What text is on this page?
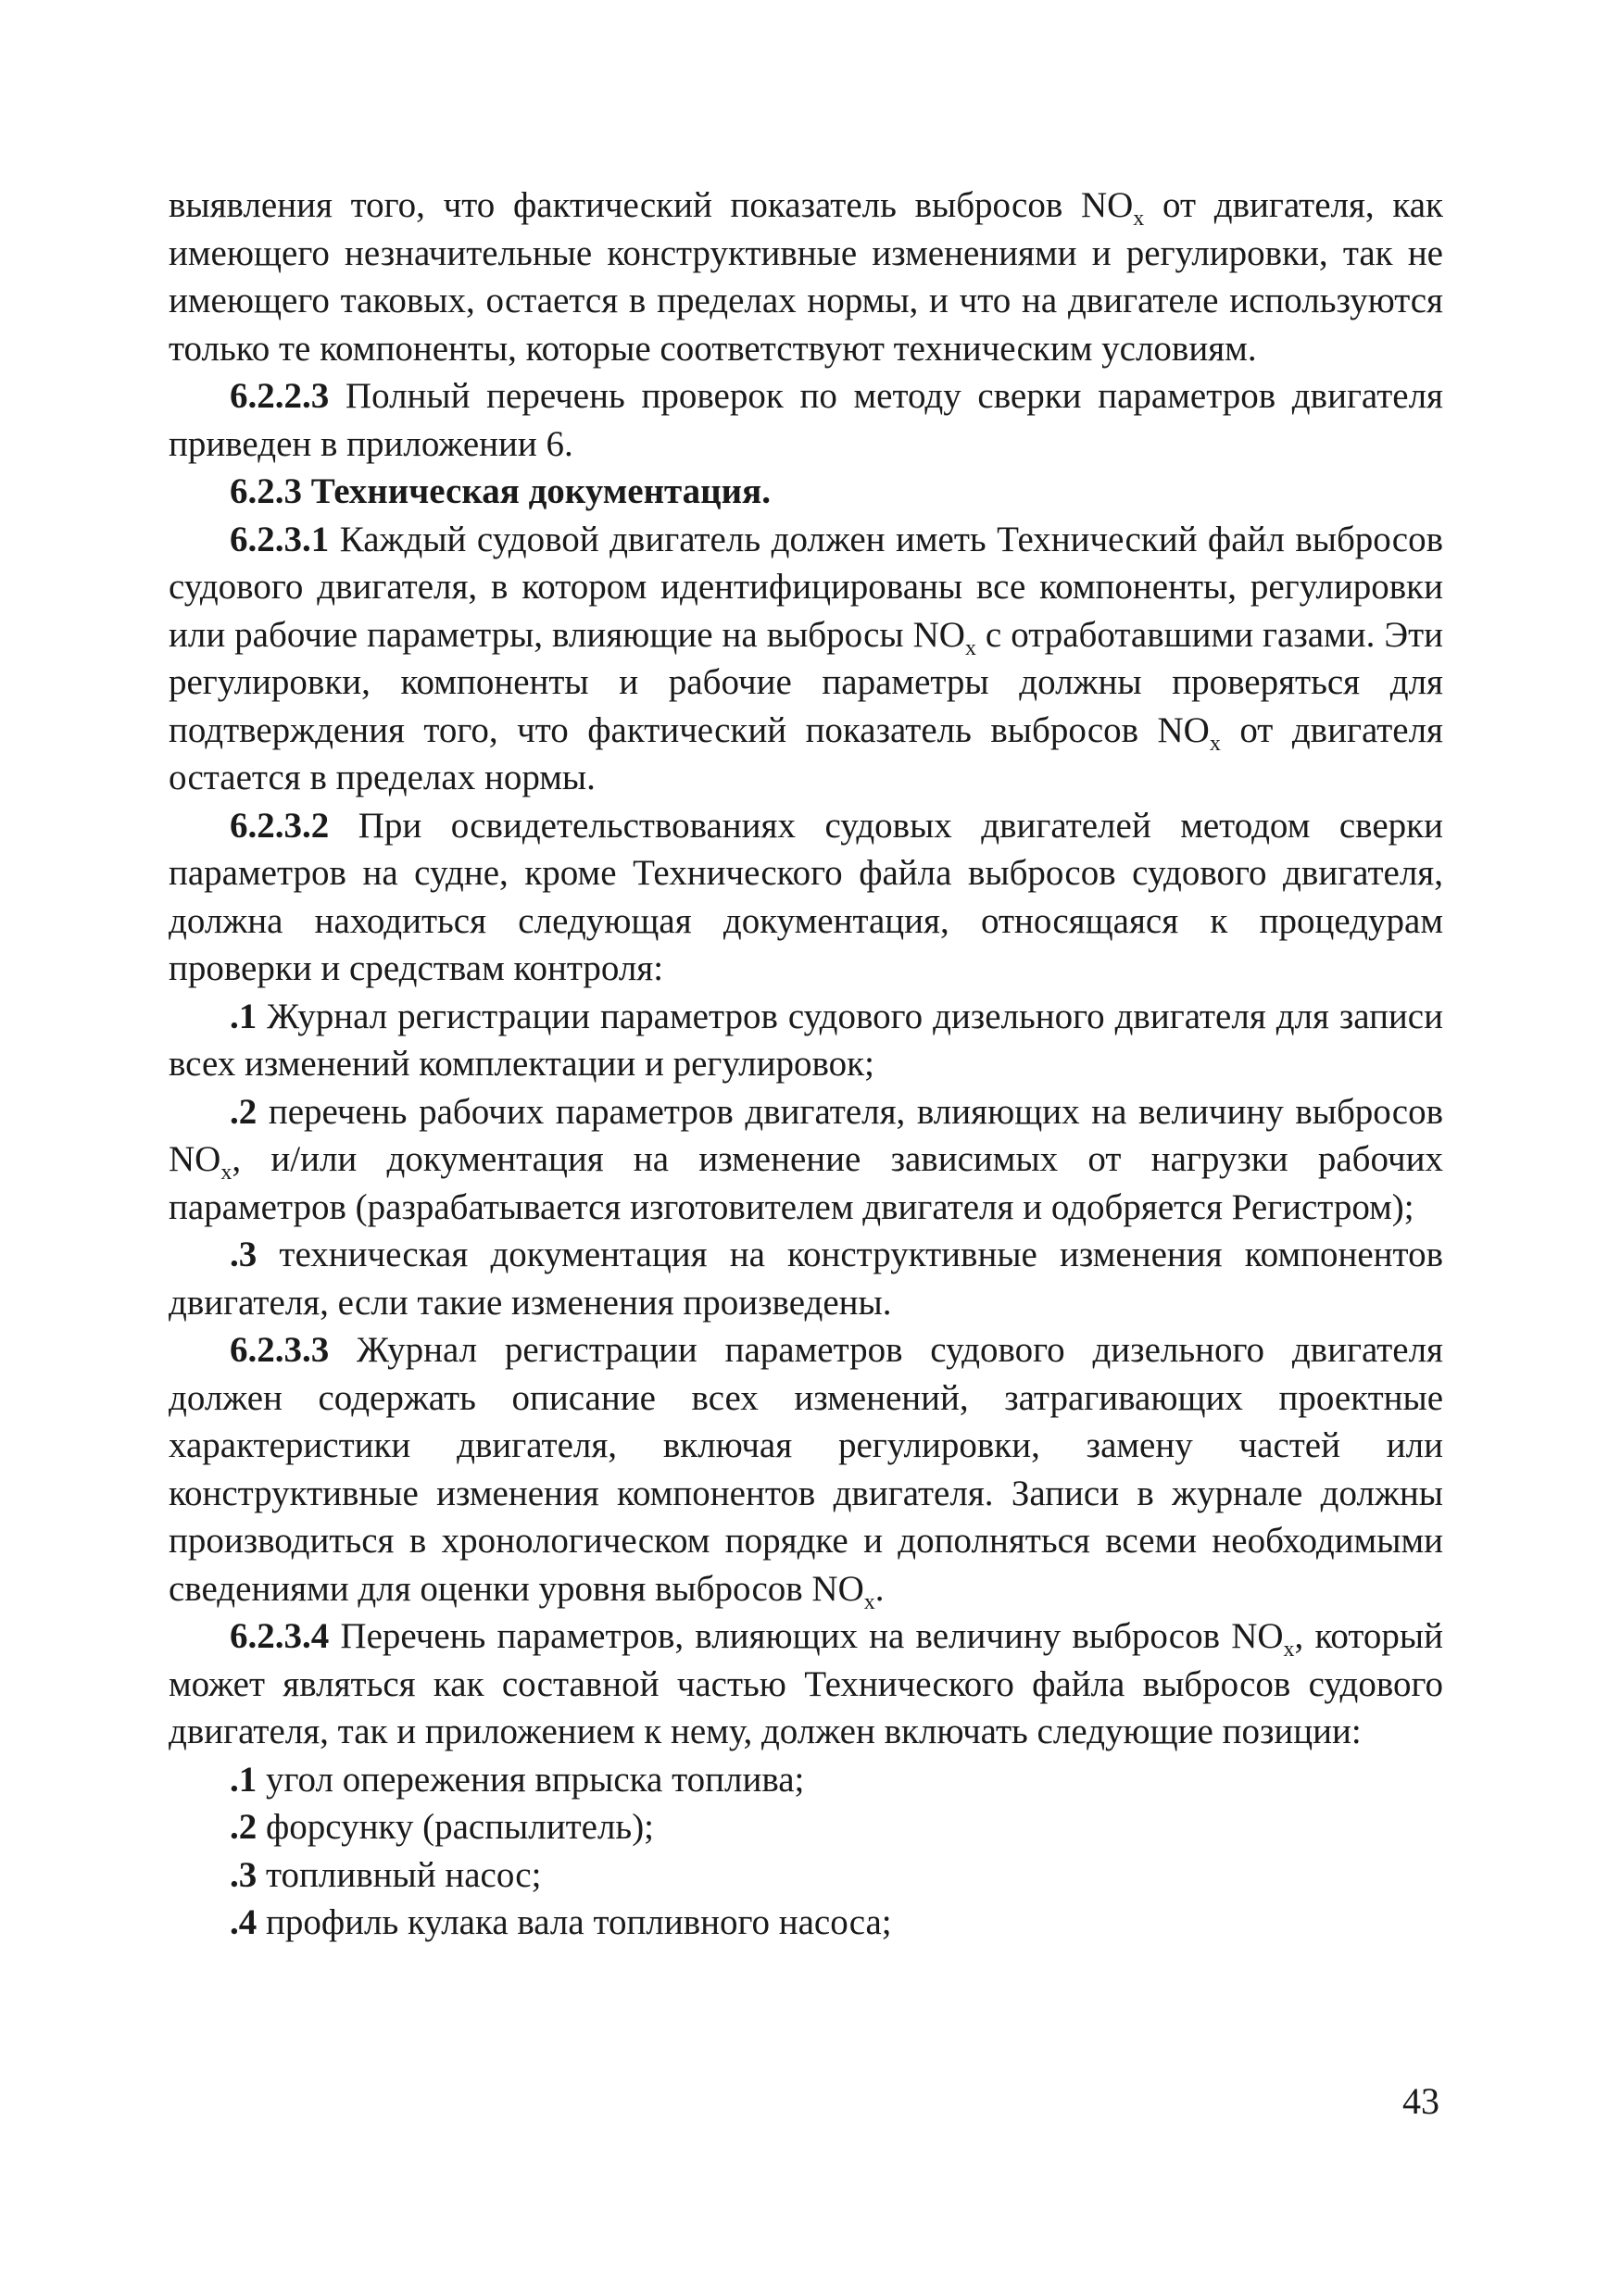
выявления того, что фактический показатель выбросов $NO_x$ от двигателя, как имеющего незначительные конструктивные изменениями и регулировки, так не имеющего таковых, остается в пределах нормы, и что на двигателе используются только те компоненты, которые соответствуют техническим условиям.

6.2.2.3 Полный перечень проверок по методу сверки параметров двигателя приведен в приложении 6.

6.2.3 Техническая документация.

6.2.3.1 Каждый судовой двигатель должен иметь Технический файл выбросов судового двигателя, в котором идентифицированы все компоненты, регулировки или рабочие параметры, влияющие на выбросы $NO_x$ с отработавшими газами. Эти регулировки, компоненты и рабочие параметры должны проверяться для подтверждения того, что фактический показатель выбросов $NO_x$ от двигателя остается в пределах нормы.

6.2.3.2 При освидетельствованиях судовых двигателей методом сверки параметров на судне, кроме Технического файла выбросов судового двигателя, должна находиться следующая документация, относящаяся к процедурам проверки и средствам контроля:

.1 Журнал регистрации параметров судового дизельного двигателя для записи всех изменений комплектации и регулировок;

.2 перечень рабочих параметров двигателя, влияющих на величину выбросов $NO_x$, и/или документация на изменение зависимых от нагрузки рабочих параметров (разрабатывается изготовителем двигателя и одобряется Регистром);

.3 техническая документация на конструктивные изменения компонентов двигателя, если такие изменения произведены.

6.2.3.3 Журнал регистрации параметров судового дизельного двигателя должен содержать описание всех изменений, затрагивающих проектные характеристики двигателя, включая регулировки, замену частей или конструктивные изменения компонентов двигателя. Записи в журнале должны производиться в хронологическом порядке и дополняться всеми необходимыми сведениями для оценки уровня выбросов $NO_x$.

6.2.3.4 Перечень параметров, влияющих на величину выбросов $NO_x$, который может являться как составной частью Технического файла выбросов судового двигателя, так и приложением к нему, должен включать следующие позиции:

.1 угол опережения впрыска топлива;

.2 форсунку (распылитель);

.3 топливный насос;

.4 профиль кулака вала топливного насоса;

43
